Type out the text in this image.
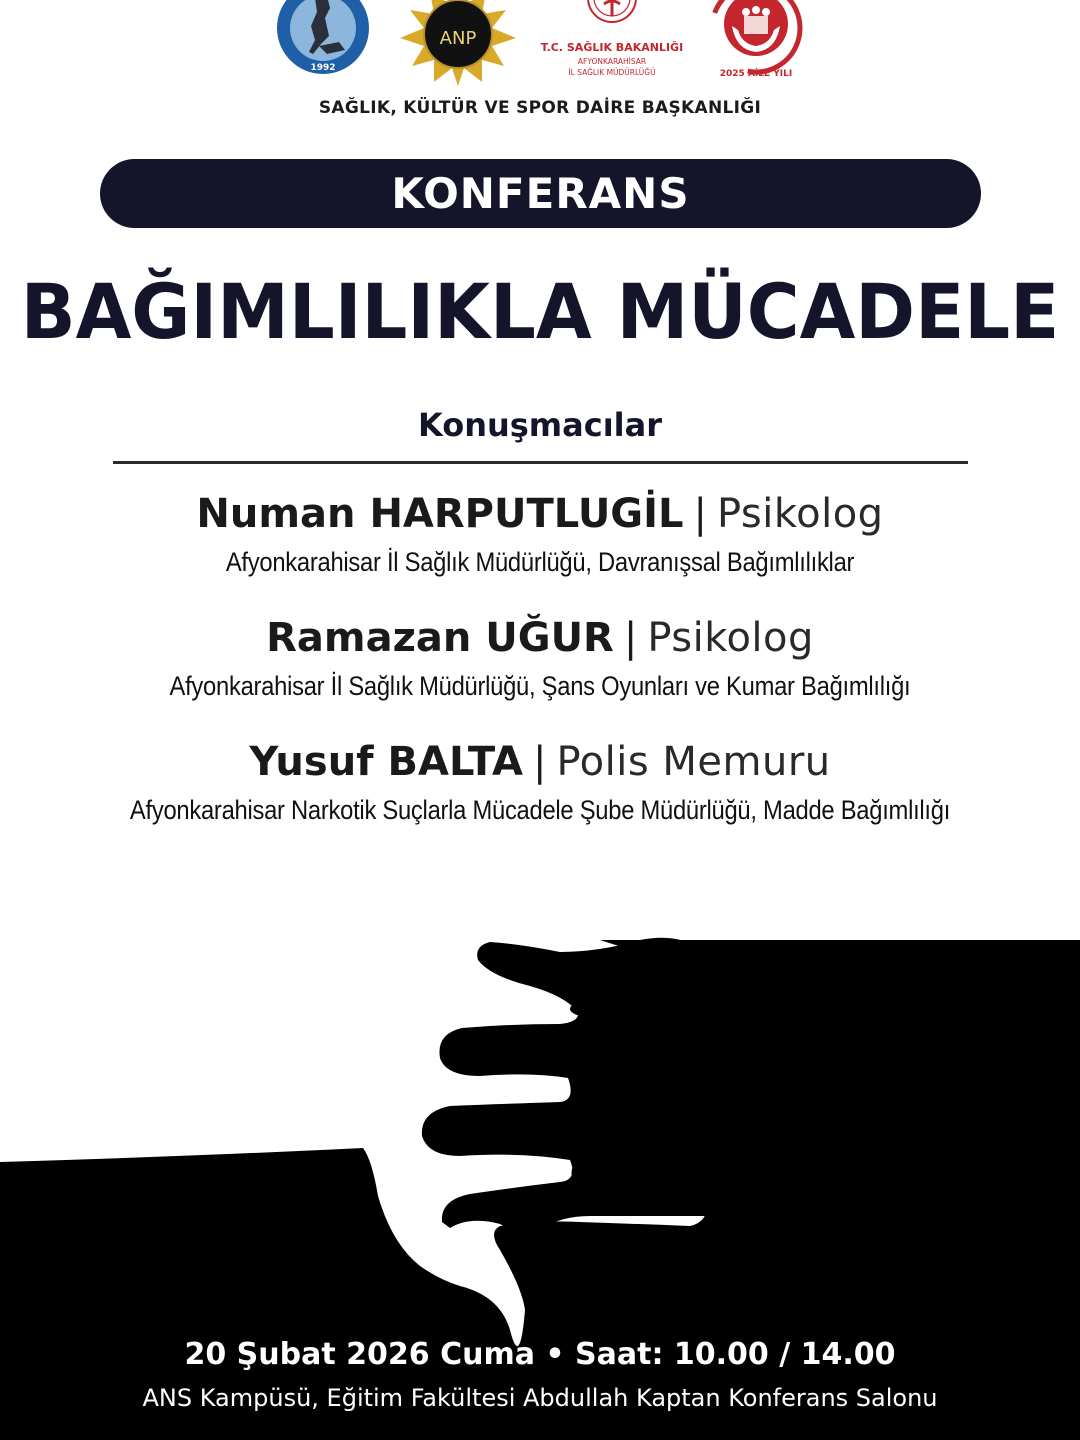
1992
ANP	T.C. SAĞLIK BAKANLIĞI
AFYONKARAHİSAR
İL SAĞLIK MÜDÜRLÜĞÜ	2025 AİLE YILI
SAĞLIK, KÜLTÜR VE SPOR DAİRE BAŞKANLIĞI
KONFERANS
BAĞIMLILIKLA MÜCADELE
Konuşmacılar
Numan HARPUTLUGİL | Psikolog
Afyonkarahisar İl Sağlık Müdürlüğü, Davranışsal Bağımlılıklar
Ramazan UĞUR | Psikolog
Afyonkarahisar İl Sağlık Müdürlüğü, Şans Oyunları ve Kumar Bağımlılığı
Yusuf BALTA | Polis Memuru
Afyonkarahisar Narkotik Suçlarla Mücadele Şube Müdürlüğü, Madde Bağımlılığı
20 Şubat 2026 Cuma • Saat: 10.00 / 14.00
ANS Kampüsü, Eğitim Fakültesi Abdullah Kaptan Konferans Salonu
